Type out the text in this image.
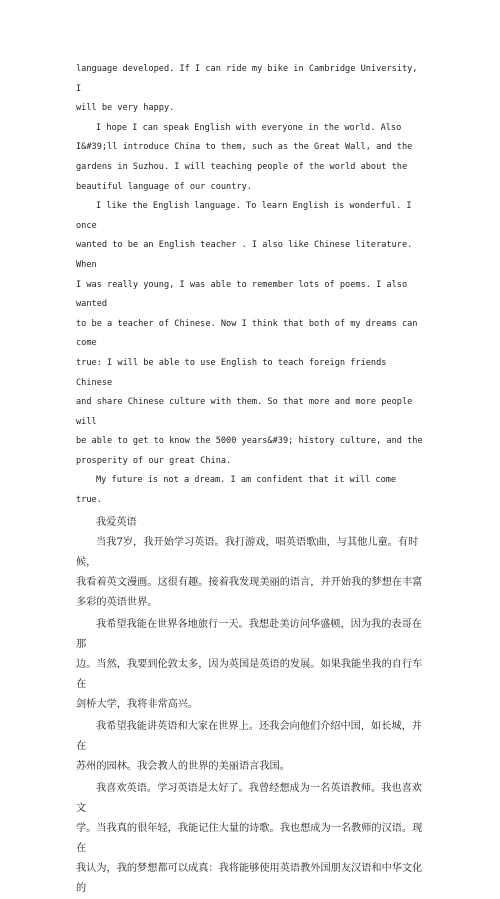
language developed. If I can ride my bike in Cambridge University, I
will be very happy.

I hope I can speak English with everyone in the world. Also
I&#39;ll introduce China to them, such as the Great Wall, and the
gardens in Suzhou. I will teaching people of the world about the
beautiful language of our country.

I like the English language. To learn English is wonderful. I once
wanted to be an English teacher . I also like Chinese literature. When
I was really young, I was able to remember lots of poems. I also wanted
to be a teacher of Chinese. Now I think that both of my dreams can come
true: I will be able to use English to teach foreign friends Chinese
and share Chinese culture with them. So that more and more people will
be able to get to know the 5000 years&#39; history culture, and the
prosperity of our great China.

My future is not a dream. I am confident that it will come true.

我爱英语

当我7岁，我开始学习英语。我打游戏，唱英语歌曲，与其他儿童。有时候，
我看着英文漫画。这很有趣。接着我发现美丽的语言，并开始我的梦想在丰富
多彩的英语世界。

我希望我能在世界各地旅行一天。我想赴美访问华盛顿，因为我的表哥在那
边。当然，我要到伦敦太多，因为英国是英语的发展。如果我能坐我的自行车在
剑桥大学，我将非常高兴。

我希望我能讲英语和大家在世界上。还我会向他们介绍中国，如长城，并在
苏州的园林。我会教人的世界的美丽语言我国。

我喜欢英语。学习英语是太好了。我曾经想成为一名英语教师。我也喜欢文
学。当我真的很年轻，我能记住大量的诗歌。我也想成为一名教师的汉语。现在
我认为，我的梦想都可以成真：我将能够使用英语教外国朋友汉语和中华文化的
